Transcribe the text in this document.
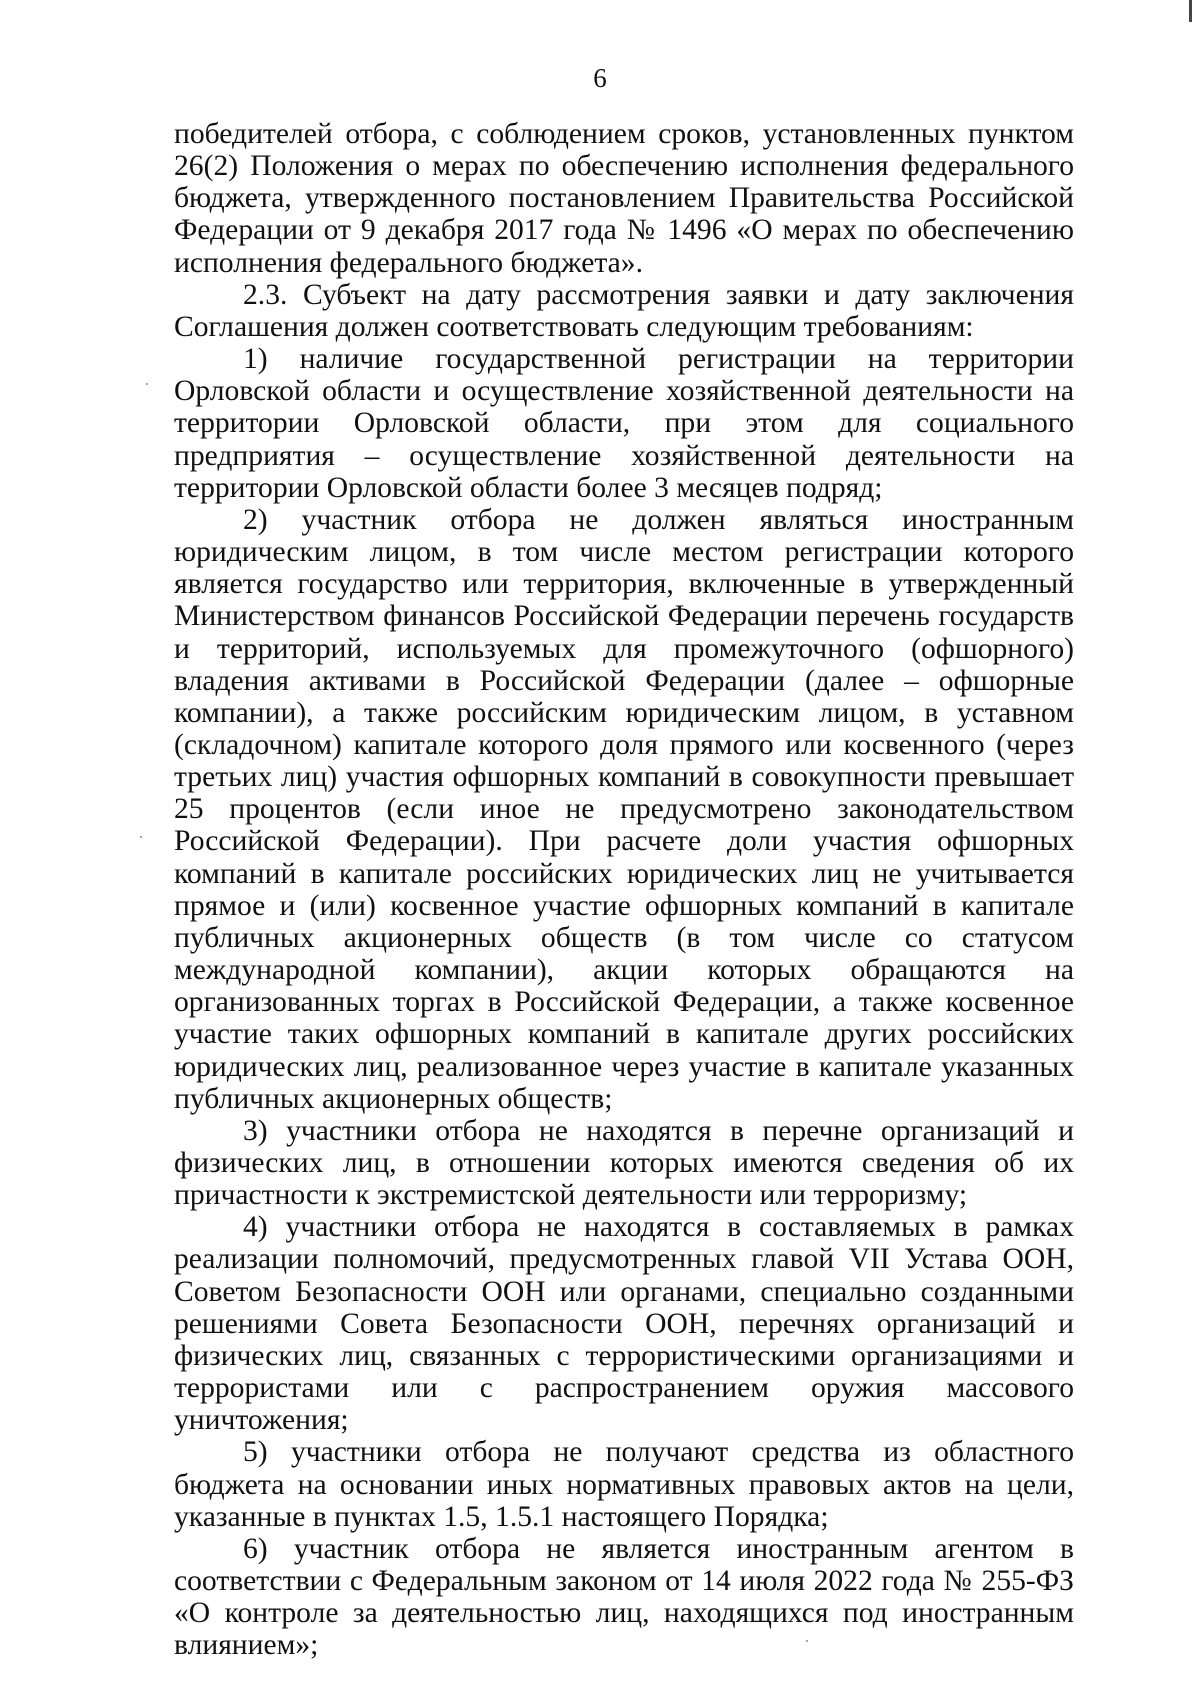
6

победителей отбора, с соблюдением сроков, установленных пунктом 26(2) Положения о мерах по обеспечению исполнения федерального бюджета, утвержденного постановлением Правительства Российской Федерации от 9 декабря 2017 года № 1496 «О мерах по обеспечению исполнения федерального бюджета».

2.3. Субъект на дату рассмотрения заявки и дату заключения Соглашения должен соответствовать следующим требованиям:

1) наличие государственной регистрации на территории Орловской области и осуществление хозяйственной деятельности на территории Орловской области, при этом для социального предприятия – осуществление хозяйственной деятельности на территории Орловской области более 3 месяцев подряд;

2) участник отбора не должен являться иностранным юридическим лицом, в том числе местом регистрации которого является государство или территория, включенные в утвержденный Министерством финансов Российской Федерации перечень государств и территорий, используемых для промежуточного (офшорного) владения активами в Российской Федерации (далее – офшорные компании), а также российским юридическим лицом, в уставном (складочном) капитале которого доля прямого или косвенного (через третьих лиц) участия офшорных компаний в совокупности превышает 25 процентов (если иное не предусмотрено законодательством Российской Федерации). При расчете доли участия офшорных компаний в капитале российских юридических лиц не учитывается прямое и (или) косвенное участие офшорных компаний в капитале публичных акционерных обществ (в том числе со статусом международной компании), акции которых обращаются на организованных торгах в Российской Федерации, а также косвенное участие таких офшорных компаний в капитале других российских юридических лиц, реализованное через участие в капитале указанных публичных акционерных обществ;

3) участники отбора не находятся в перечне организаций и физических лиц, в отношении которых имеются сведения об их причастности к экстремистской деятельности или терроризму;

4) участники отбора не находятся в составляемых в рамках реализации полномочий, предусмотренных главой VII Устава ООН, Советом Безопасности ООН или органами, специально созданными решениями Совета Безопасности ООН, перечнях организаций и физических лиц, связанных с террористическими организациями и террористами или с распространением оружия массового уничтожения;

5) участники отбора не получают средства из областного бюджета на основании иных нормативных правовых актов на цели, указанные в пунктах 1.5, 1.5.1 настоящего Порядка;

6) участник отбора не является иностранным агентом в соответствии с Федеральным законом от 14 июля 2022 года № 255-ФЗ «О контроле за деятельностью лиц, находящихся под иностранным влиянием»;
